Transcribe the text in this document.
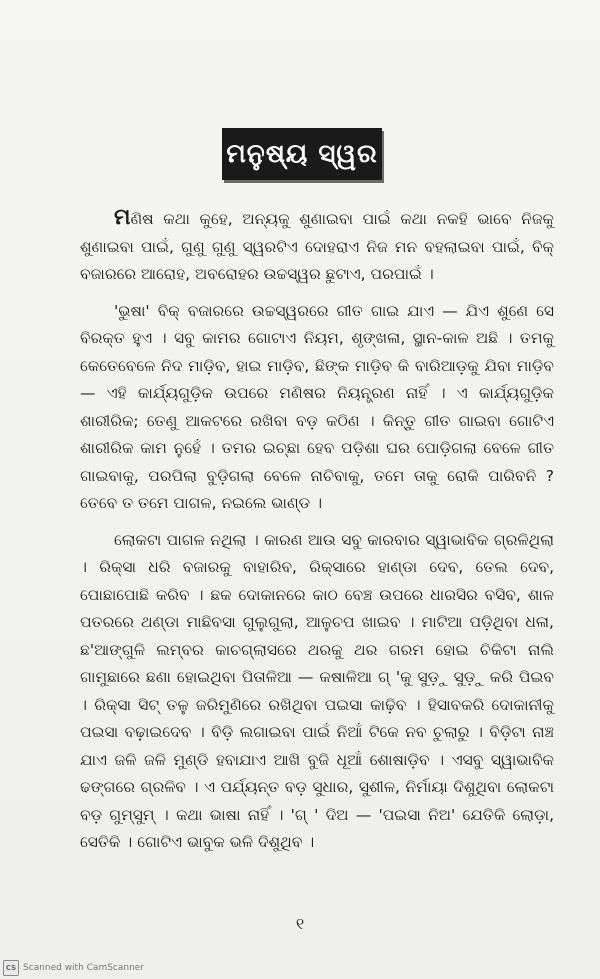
ମନୁଷ୍ୟ ସ୍ୱର

ମଣିଷ କଥା କୁହେ, ଅନ୍ୟକୁ ଶୁଣାଇବା ପାଇଁ କଥା ନକହି ଭାବେ ନିଜକୁ ଶୁଣାଇବା ପାଇଁ, ଗୁଣୁ ଗୁଣୁ ସ୍ୱରଟିଏ ଦୋହରାଏ ନିଜ ମନ ବହଲାଇବା ପାଇଁ, ବିକ୍ ବଜାରରେ ଆରୋହ, ଅବରୋହର ଉଚ୍ଚସ୍ୱର ଛୁଟାଏ, ପରପାଇଁ ।

'ଭୁଷା' ବିକ୍ ବଜାରରେ ଉଚ୍ଚସ୍ୱରରେ ଗୀତ ଗାଇ ଯାଏ — ଯିଏ ଶୁଣେ ସେ ବିରକ୍ତ ହୁଏ । ସବୁ କାମର ଗୋଟାଏ ନିୟମ, ଶୃଙ୍ଖଳା, ସ୍ଥାନ-କାଳ ଅଛି । ତମକୁ କେତେବେଳେ ନିଦ ମାଡ଼ିବ, ହାଇ ମାଡ଼ିବ, ଛିଙ୍କ ମାଡ଼ିବ କି ବାରିଆଡ଼କୁ ଯିବା ମାଡ଼ିବ— ଏହି କାର୍ଯ୍ୟଗୁଡ଼ିକ ଉପରେ ମଣିଷର ନିୟନ୍ତ୍ରଣ ନାହିଁ । ଏ କାର୍ଯ୍ୟଗୁଡ଼ିକ ଶାରୀରିକ; ତେଣୁ ଆକଟରେ ରଖିବା ବଡ଼ କଠିଣ । କିନ୍ତୁ ଗୀତ ଗାଇବା ଗୋଟିଏ ଶାରୀରିକ କାମ ନୁହେଁ । ତମର ଇଚ୍ଛା ହେବ ପଡ଼ିଶା ଘର ପୋଡ଼ିଗଲା ବେଳେ ଗୀତ ଗାଇବାକୁ, ପରପିଲା ବୁଡ଼ିଗଲା ବେଳେ ନାଚିବାକୁ, ତମେ ତାକୁ ରୋକି ପାରିବନି ? ତେବେ ତ ତମେ ପାଗଳ, ନଇଲେ ଭାଣ୍ଡ ।

ଲୋକଟା ପାଗଳ ନଥିଲା । କାରଣ ଆଉ ସବୁ କାରବାର ସ୍ୱାଭାବିକ ଗ୍ରଳିଥିଲା । ରିକ୍ସା ଧରି ବଜାରକୁ ବାହାରିବ, ରିକ୍ସାରେ ହାଣ୍ଡା ଦେବ, ତେଲ ଦେବ, ପୋଛାପୋଛି କରିବ । ଛକ ଦୋକାନରେ କାଠ ବେଞ୍ଚ ଉପରେ ଧାରସିର ବସିବ, ଶାଳ ପତରରେ ଥଣ୍ଡା ମାଛିବସା ଗୁଲୁଗୁଲା, ଆଳୁଚପ ଖାଇବ । ମାଟିଆ ପଡ଼ିଥିବା ଧଳା, ଛ'ଆଙ୍ଗୁଳି ଲମ୍ବର କାଚଗ୍ଲାସରେ ଥରକୁ ଥର ଗରମ ହୋଇ ଚିକିଟା ନାଲି ଗାମୁଛାରେ ଛଣା ହୋଇଥିବା ପିତାଳିଆ — କଷାଳିଆ ଗ୍ 'କୁ ସୁଡ଼ୁ ସୁଡ଼ୁ କରି ପିଇବ । ରିକ୍ସା ସିଟ୍ ତଳୁ ଜରିମୁଣିରେ ରଖିଥିବା ପଇସା କାଢ଼ିବ । ହିସାବକରି ଦୋକାନୀକୁ ପଇସା ବଢ଼ାଇଦେବ । ବିଡ଼ି ଲଗାଇବା ପାଇଁ ନିଆଁ ଟିକେ ନବ ଚୁଲାରୁ । ବିଡ଼ିଟା ନାଞ୍ଚ ଯାଏ ଜଳି ଜଳି ମୁଣ୍ଡି ହବାଯାଏ ଆଖି ବୁଜି ଧୂଆଁ ଶୋଷାଡ଼ିବ । ଏସବୁ ସ୍ୱାଭାବିକ ଢଙ୍ଗରେ ଗ୍ରଳିବ । ଏ ପର୍ଯ୍ୟନ୍ତ ବଡ଼ ସୁଧାର, ସୁଶୀଳ, ନିର୍ମାୟା ଦିଶୁଥିବା ଲୋକଟା ବଡ଼ ଗୁମ୍‌ସୁମ୍ । କଥା ଭାଷା ନାହିଁ । 'ଗ୍ ' ଦିଅ — 'ପଇସା ନିଅ' ଯେତିକି ଲୋଡ଼ା, ସେତିକି । ଗୋଟିଏ ଭାବୁକ ଭଳି ଦିଶୁଥିବ ।

୧
CS Scanned with CamScanner
